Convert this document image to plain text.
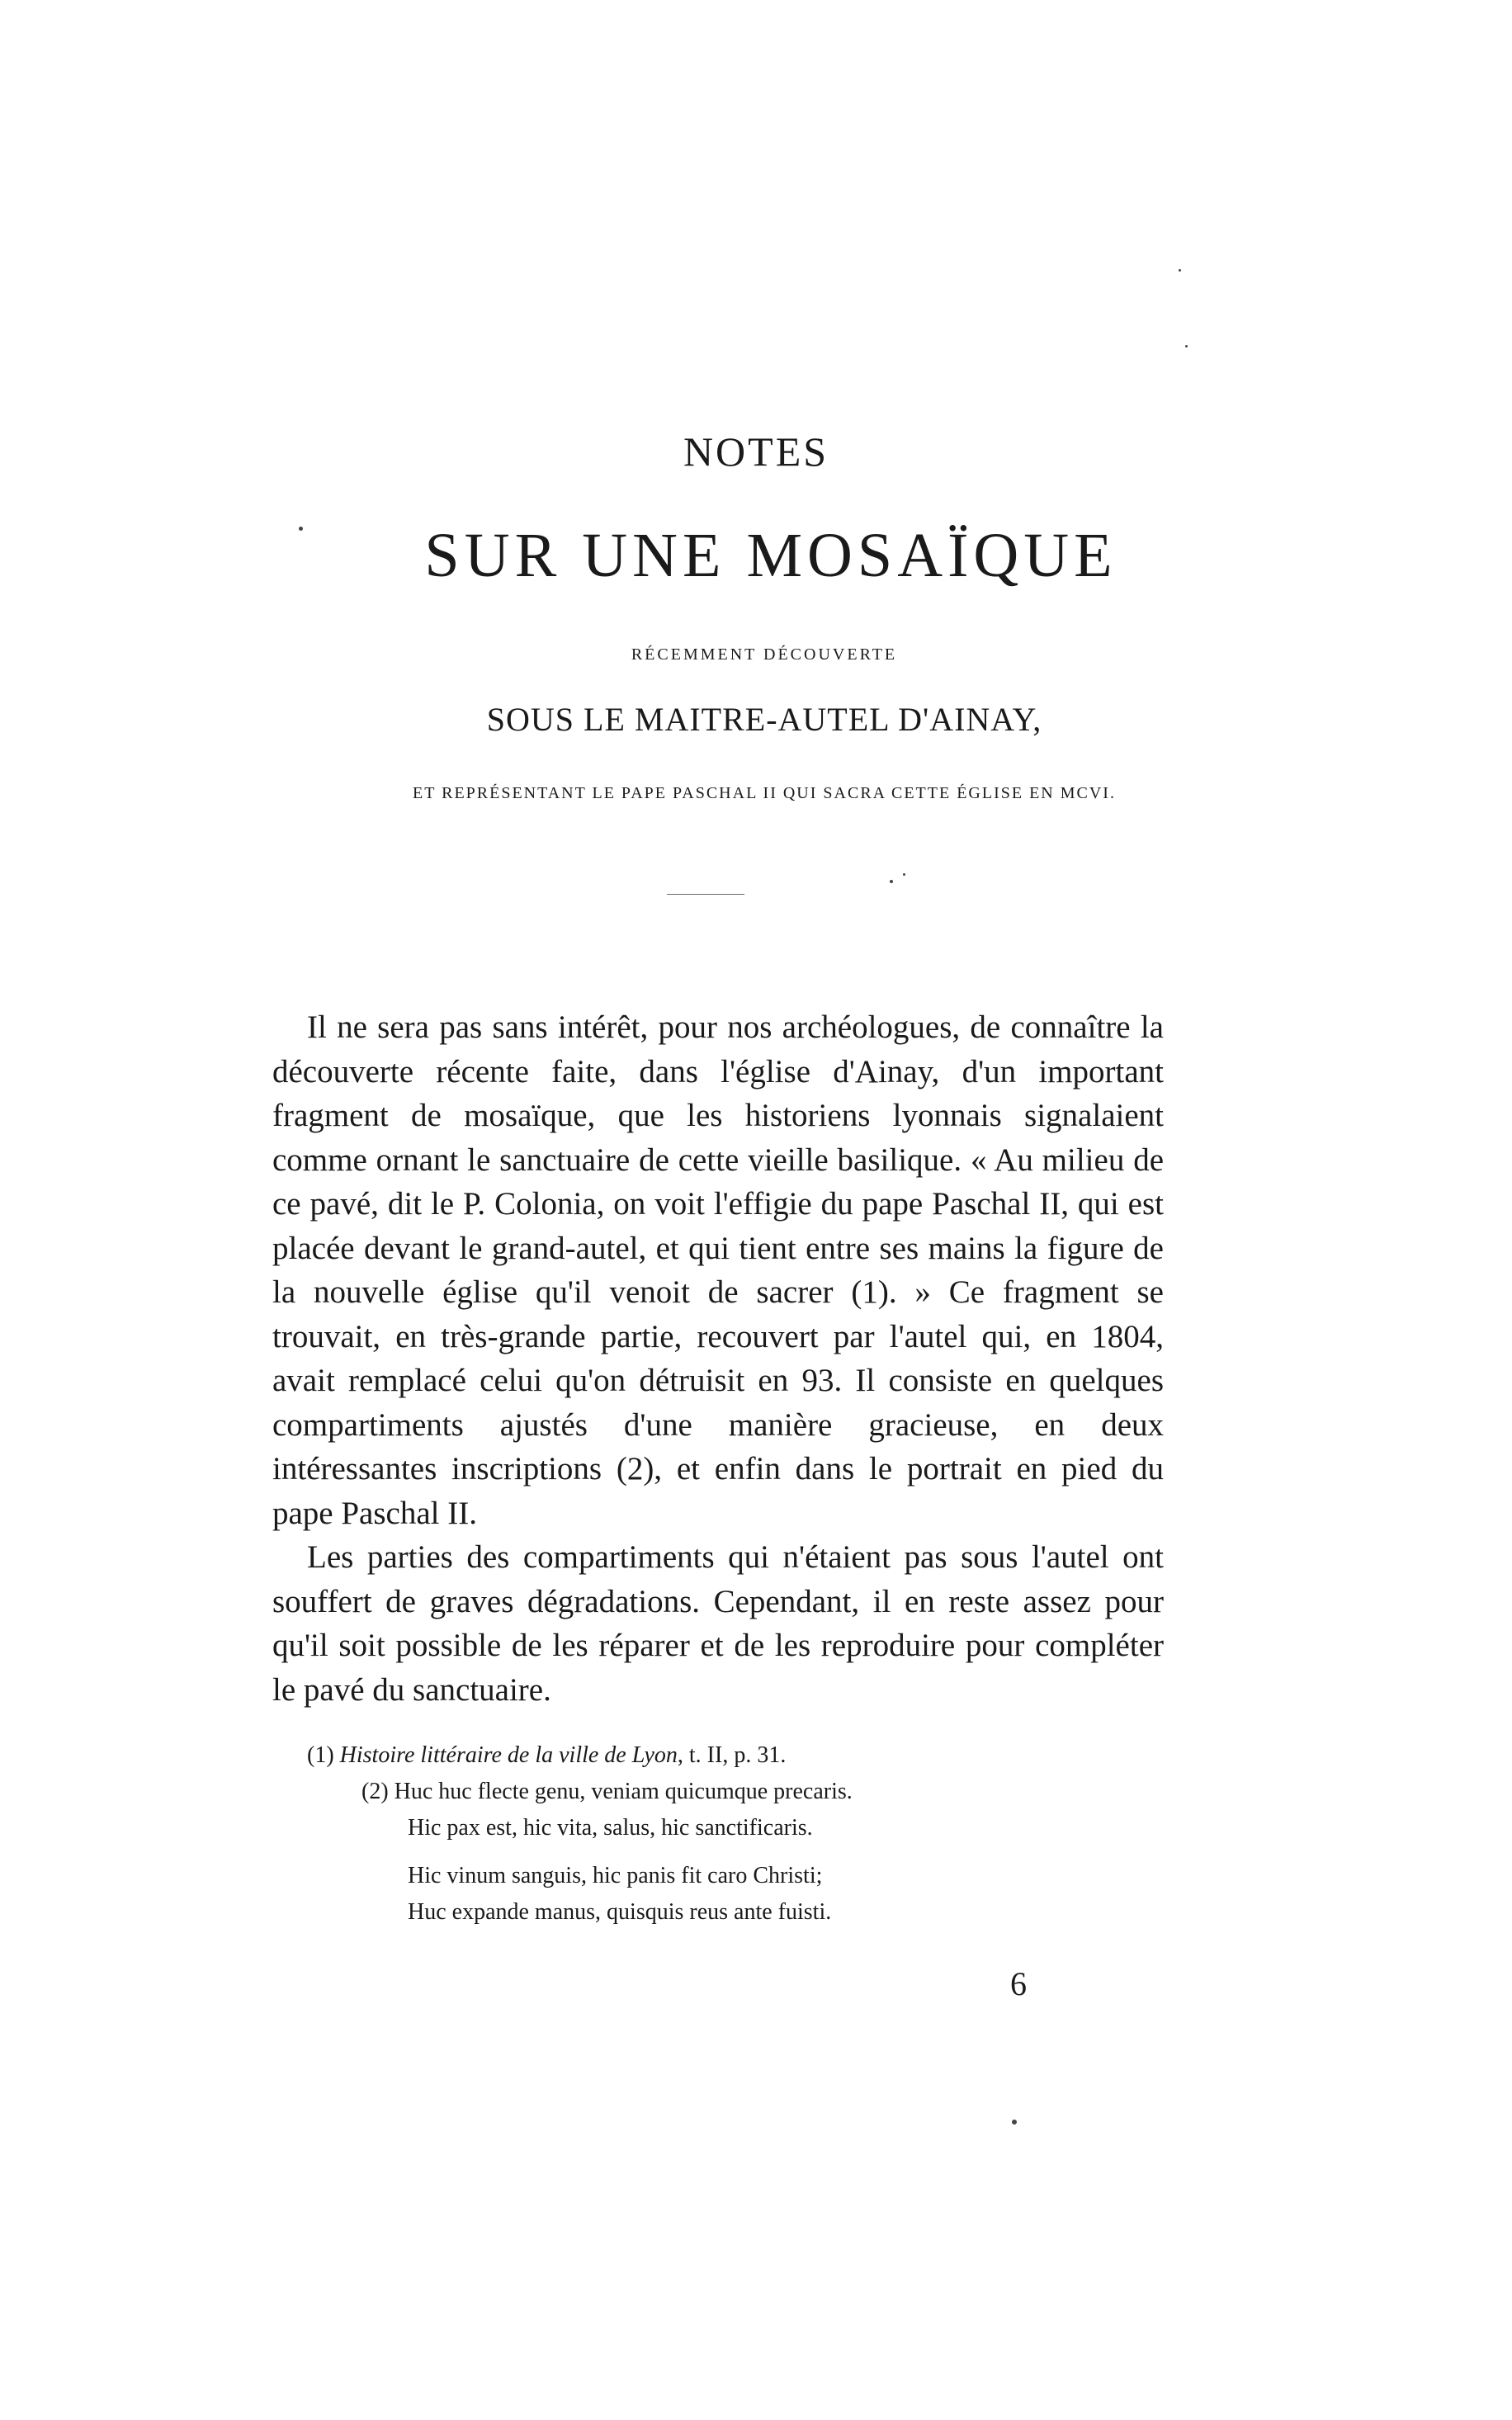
NOTES
SUR UNE MOSAÏQUE
RÉCEMMENT DÉCOUVERTE
SOUS LE MAITRE-AUTEL D'AINAY,
ET REPRÉSENTANT LE PAPE PASCHAL II QUI SACRA CETTE ÉGLISE EN MCVI.

Il ne sera pas sans intérêt, pour nos archéologues, de connaître la découverte récente faite, dans l'église d'Ainay, d'un important fragment de mosaïque, que les historiens lyonnais signalaient comme ornant le sanctuaire de cette vieille basilique. « Au milieu de ce pavé, dit le P. Colonia, on voit l'effigie du pape Paschal II, qui est placée devant le grand-autel, et qui tient entre ses mains la figure de la nouvelle église qu'il venoit de sacrer (1). » Ce fragment se trouvait, en très-grande partie, recouvert par l'autel qui, en 1804, avait remplacé celui qu'on détruisit en 93. Il consiste en quelques compartiments ajustés d'une manière gracieuse, en deux intéressantes inscriptions (2), et enfin dans le portrait en pied du pape Paschal II.

Les parties des compartiments qui n'étaient pas sous l'autel ont souffert de graves dégradations. Cependant, il en reste assez pour qu'il soit possible de les réparer et de les reproduire pour compléter le pavé du sanctuaire.

(1) Histoire littéraire de la ville de Lyon, t. II, p. 31.
(2) Huc huc flecte genu, veniam quicumque precaris.
Hic pax est, hic vita, salus, hic sanctificaris.
Hic vinum sanguis, hic panis fit caro Christi;
Huc expande manus, quisquis reus ante fuisti.
6
